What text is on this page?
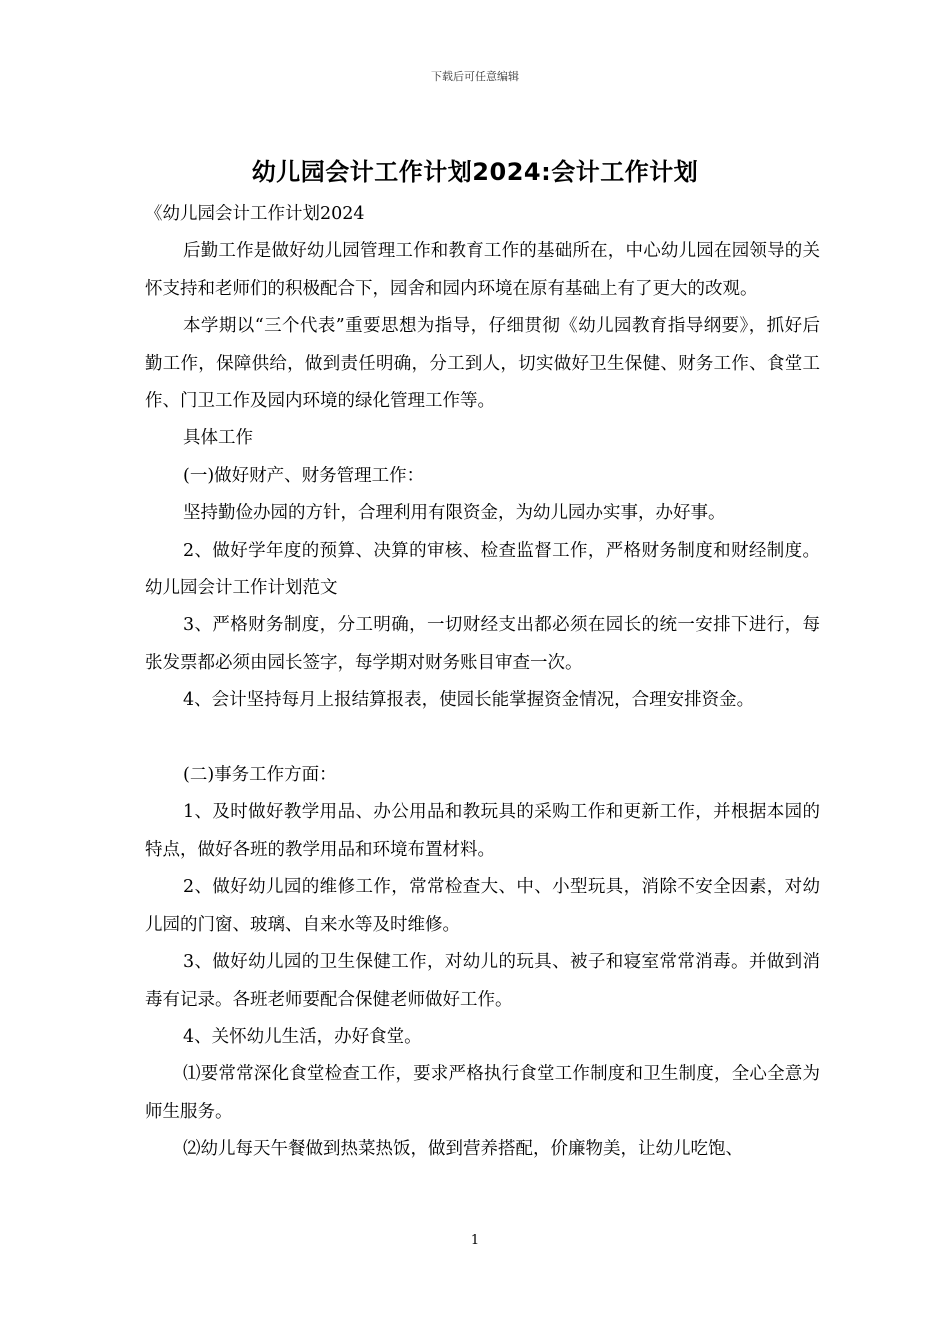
下载后可任意编辑
幼儿园会计工作计划2024:会计工作计划

《幼儿园会计工作计划2024

后勤工作是做好幼儿园管理工作和教育工作的基础所在，中心幼儿园在园领导的关怀支持和老师们的积极配合下，园舍和园内环境在原有基础上有了更大的改观。

本学期以“三个代表”重要思想为指导，仔细贯彻《幼儿园教育指导纲要》，抓好后勤工作，保障供给，做到责任明确，分工到人，切实做好卫生保健、财务工作、食堂工作、门卫工作及园内环境的绿化管理工作等。

具体工作

(一)做好财产、财务管理工作：

坚持勤俭办园的方针，合理利用有限资金，为幼儿园办实事，办好事。

2、做好学年度的预算、决算的审核、检查监督工作，严格财务制度和财经制度。幼儿园会计工作计划范文

3、严格财务制度，分工明确，一切财经支出都必须在园长的统一安排下进行，每张发票都必须由园长签字，每学期对财务账目审查一次。

4、会计坚持每月上报结算报表，使园长能掌握资金情况，合理安排资金。

(二)事务工作方面：

1、及时做好教学用品、办公用品和教玩具的采购工作和更新工作，并根据本园的特点，做好各班的教学用品和环境布置材料。

2、做好幼儿园的维修工作，常常检查大、中、小型玩具，消除不安全因素，对幼儿园的门窗、玻璃、自来水等及时维修。

3、做好幼儿园的卫生保健工作，对幼儿的玩具、被子和寝室常常消毒。并做到消毒有记录。各班老师要配合保健老师做好工作。

4、关怀幼儿生活，办好食堂。

⑴要常常深化食堂检查工作，要求严格执行食堂工作制度和卫生制度，全心全意为师生服务。

⑵幼儿每天午餐做到热菜热饭，做到营养搭配，价廉物美，让幼儿吃饱、

1
